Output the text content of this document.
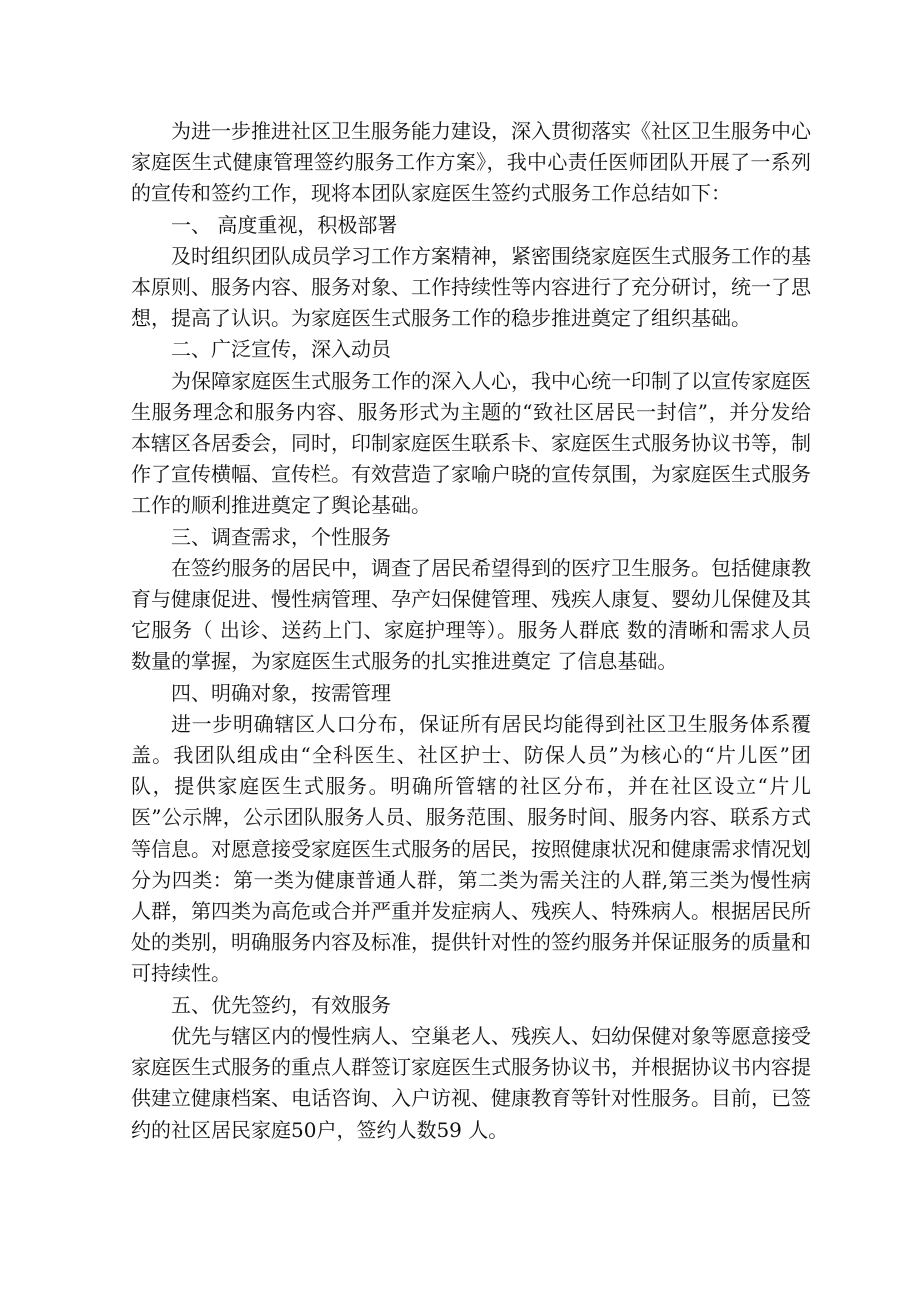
为进一步推进社区卫生服务能力建设，深入贯彻落实《社区卫生服务中心家庭医生式健康管理签约服务工作方案》，我中心责任医师团队开展了一系列的宣传和签约工作，现将本团队家庭医生签约式服务工作总结如下：

一、 高度重视，积极部署

及时组织团队成员学习工作方案精神，紧密围绕家庭医生式服务工作的基本原则、服务内容、服务对象、工作持续性等内容进行了充分研讨，统一了思想，提高了认识。为家庭医生式服务工作的稳步推进奠定了组织基础。

二、广泛宣传，深入动员

为保障家庭医生式服务工作的深入人心，我中心统一印制了以宣传家庭医生服务理念和服务内容、服务形式为主题的“致社区居民一封信”，并分发给本辖区各居委会，同时，印制家庭医生联系卡、家庭医生式服务协议书等，制作了宣传横幅、宣传栏。有效营造了家喻户晓的宣传氛围，为家庭医生式服务工作的顺利推进奠定了舆论基础。

三、调查需求，个性服务

在签约服务的居民中，调查了居民希望得到的医疗卫生服务。包括健康教育与健康促进、慢性病管理、孕产妇保健管理、残疾人康复、婴幼儿保健及其它服务（ 出诊、送药上门、家庭护理等）。服务人群底 数的清晰和需求人员数量的掌握，为家庭医生式服务的扎实推进奠定 了信息基础。

四、明确对象，按需管理

进一步明确辖区人口分布，保证所有居民均能得到社区卫生服务体系覆盖。我团队组成由“全科医生、社区护士、防保人员”为核心的“片儿医”团队，提供家庭医生式服务。明确所管辖的社区分布，并在社区设立“片儿医”公示牌，公示团队服务人员、服务范围、服务时间、服务内容、联系方式等信息。对愿意接受家庭医生式服务的居民，按照健康状况和健康需求情况划分为四类：第一类为健康普通人群，第二类为需关注的人群,第三类为慢性病人群，第四类为高危或合并严重并发症病人、残疾人、特殊病人。根据居民所处的类别，明确服务内容及标准，提供针对性的签约服务并保证服务的质量和可持续性。

五、优先签约，有效服务

优先与辖区内的慢性病人、空巢老人、残疾人、妇幼保健对象等愿意接受家庭医生式服务的重点人群签订家庭医生式服务协议书，并根据协议书内容提供建立健康档案、电话咨询、入户访视、健康教育等针对性服务。目前，已签约的社区居民家庭50户，签约人数59 人。
